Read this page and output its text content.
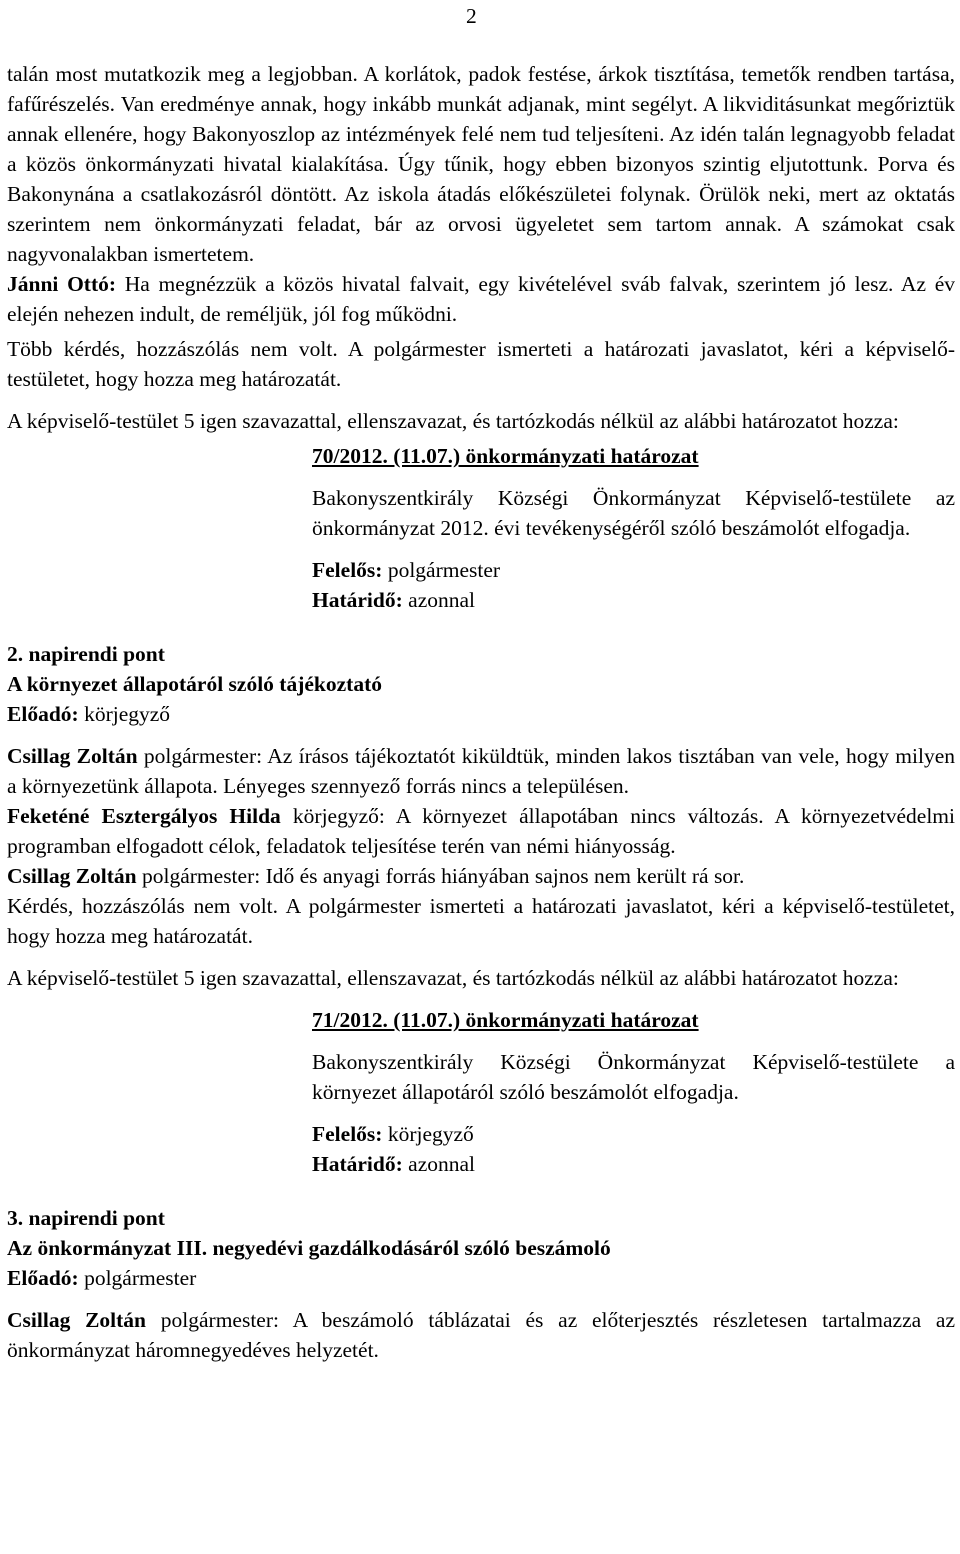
2

talán most mutatkozik meg a legjobban. A korlátok, padok festése, árkok tisztítása, temetők rendben tartása, fafűrészelés. Van eredménye annak, hogy inkább munkát adjanak, mint segélyt. A likviditásunkat megőriztük annak ellenére, hogy Bakonyoszlop az intézmények felé nem tud teljesíteni. Az idén talán legnagyobb feladat a közös önkormányzati hivatal kialakítása. Úgy tűnik, hogy ebben bizonyos szintig eljutottunk. Porva és Bakonynána a csatlakozásról döntött. Az iskola átadás előkészületei folynak. Örülök neki, mert az oktatás szerintem nem önkormányzati feladat, bár az orvosi ügyeletet sem tartom annak. A számokat csak nagyvonalakban ismertetem.

Jánni Ottó: Ha megnézzük a közös hivatal falvait, egy kivételével sváb falvak, szerintem jó lesz. Az év elején nehezen indult, de reméljük, jól fog működni.

Több kérdés, hozzászólás nem volt. A polgármester ismerteti a határozati javaslatot, kéri a képviselő-testületet, hogy hozza meg határozatát.

A képviselő-testület 5 igen szavazattal, ellenszavazat, és tartózkodás nélkül az alábbi határozatot hozza:

70/2012. (11.07.) önkormányzati határozat

Bakonyszentkirály Községi Önkormányzat Képviselő-testülete az önkormányzat 2012. évi tevékenységéről szóló beszámolót elfogadja.

Felelős: polgármester

Határidő: azonnal

2. napirendi pont

A környezet állapotáról szóló tájékoztató

Előadó: körjegyző

Csillag Zoltán polgármester: Az írásos tájékoztatót kiküldtük, minden lakos tisztában van vele, hogy milyen a környezetünk állapota. Lényeges szennyező forrás nincs a településen.

Feketéné Esztergályos Hilda körjegyző: A környezet állapotában nincs változás. A környezetvédelmi programban elfogadott célok, feladatok teljesítése terén van némi hiányosság.

Csillag Zoltán polgármester: Idő és anyagi forrás hiányában sajnos nem került rá sor.

Kérdés, hozzászólás nem volt. A polgármester ismerteti a határozati javaslatot, kéri a képviselő-testületet, hogy hozza meg határozatát.

A képviselő-testület 5 igen szavazattal, ellenszavazat, és tartózkodás nélkül az alábbi határozatot hozza:

71/2012. (11.07.) önkormányzati határozat

Bakonyszentkirály Községi Önkormányzat Képviselő-testülete a környezet állapotáról szóló beszámolót elfogadja.

Felelős: körjegyző

Határidő: azonnal

3. napirendi pont

Az önkormányzat III. negyedévi gazdálkodásáról szóló beszámoló

Előadó: polgármester

Csillag Zoltán polgármester: A beszámoló táblázatai és az előterjesztés részletesen tartalmazza az önkormányzat háromnegyedéves helyzetét.
